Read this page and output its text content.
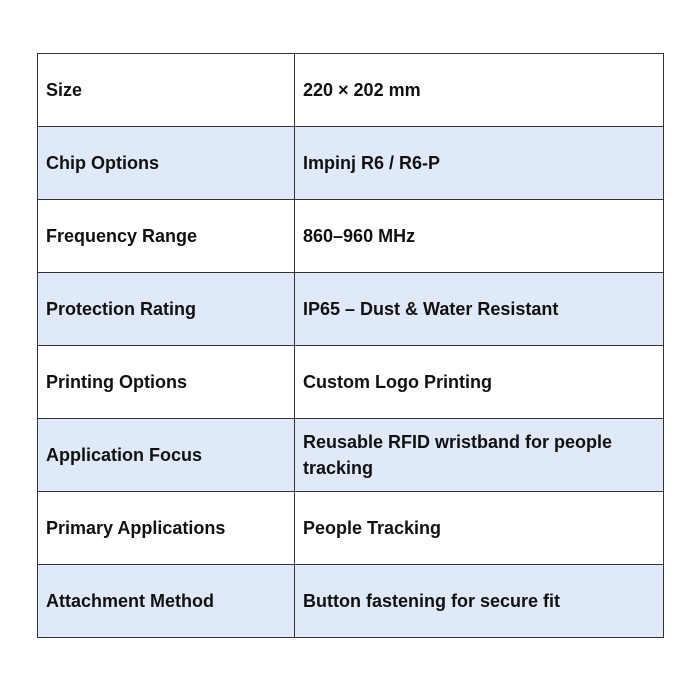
Size	220 × 202 mm
Chip Options	Impinj R6 / R6-P
Frequency Range	860–960 MHz
Protection Rating	IP65 – Dust & Water Resistant
Printing Options	Custom Logo Printing
Application Focus	Reusable RFID wristband for people tracking
Primary Applications	People Tracking
Attachment Method	Button fastening for secure fit
